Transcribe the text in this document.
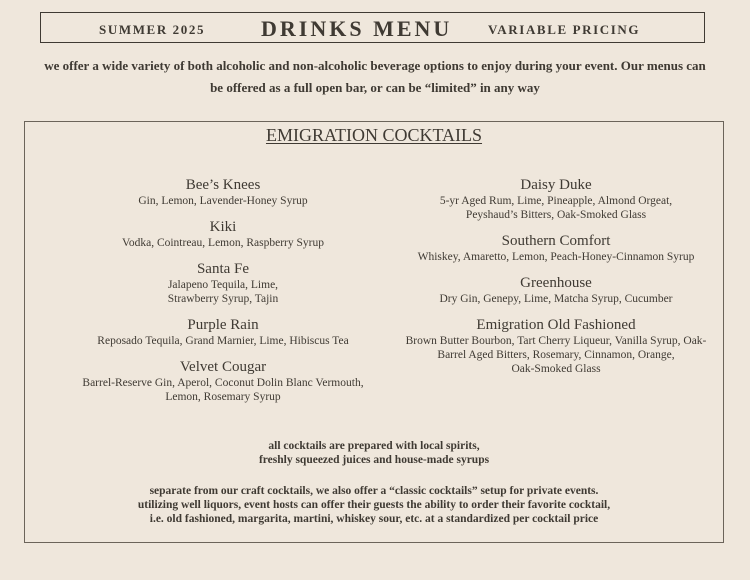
SUMMER 2025	DRINKS MENU	VARIABLE PRICING
we offer a wide variety of both alcoholic and non-alcoholic beverage options to enjoy during your event. Our menus can be offered as a full open bar, or can be “limited” in any way
EMIGRATION COCKTAILS
Bee’s Knees
Gin, Lemon, Lavender-Honey Syrup
Kiki
Vodka, Cointreau, Lemon, Raspberry Syrup
Santa Fe
Jalapeno Tequila, Lime,
Strawberry Syrup, Tajin
Purple Rain
Reposado Tequila, Grand Marnier, Lime, Hibiscus Tea
Velvet Cougar
Barrel-Reserve Gin, Aperol, Coconut Dolin Blanc Vermouth,
Lemon, Rosemary Syrup
Daisy Duke
5-yr Aged Rum, Lime, Pineapple, Almond Orgeat,
Peyshaud’s Bitters, Oak-Smoked Glass
Southern Comfort
Whiskey, Amaretto, Lemon, Peach-Honey-Cinnamon Syrup
Greenhouse
Dry Gin, Genepy, Lime, Matcha Syrup, Cucumber
Emigration Old Fashioned
Brown Butter Bourbon, Tart Cherry Liqueur, Vanilla Syrup, Oak-
Barrel Aged Bitters, Rosemary, Cinnamon, Orange,
Oak-Smoked Glass
all cocktails are prepared with local spirits,
freshly squeezed juices and house-made syrups
separate from our craft cocktails, we also offer a “classic cocktails” setup for private events.
utilizing well liquors, event hosts can offer their guests the ability to order their favorite cocktail,
i.e. old fashioned, margarita, martini, whiskey sour, etc. at a standardized per cocktail price
